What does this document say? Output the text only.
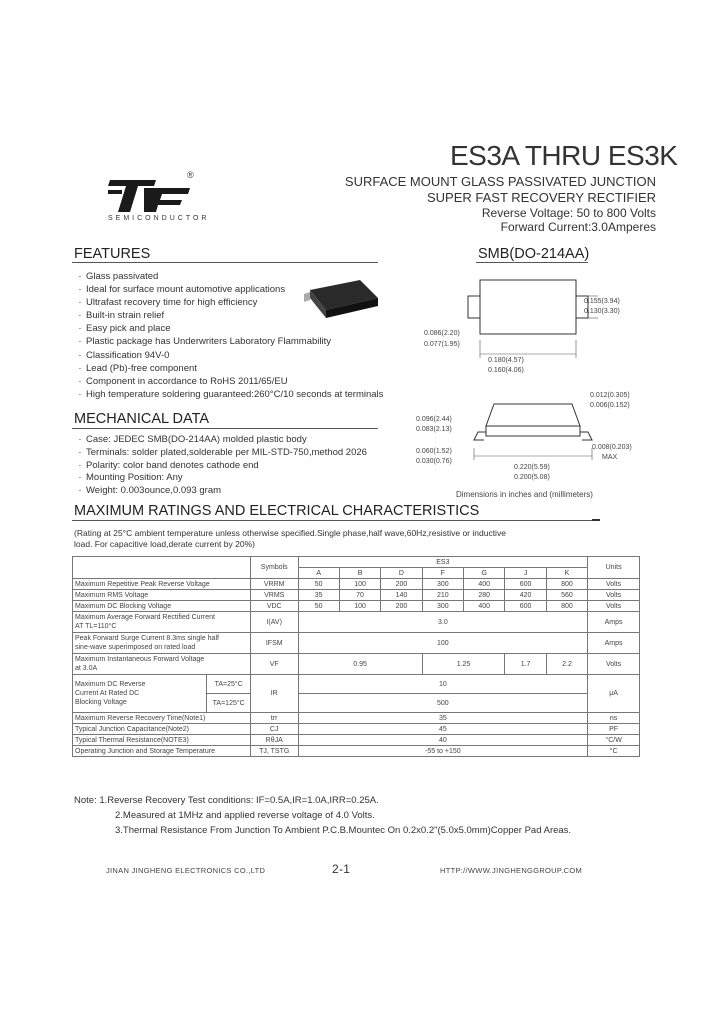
ES3A THRU ES3K
®
SEMICONDUCTOR
SURFACE MOUNT GLASS PASSIVATED JUNCTION
SUPER FAST RECOVERY RECTIFIER
Reverse Voltage: 50 to 800 Volts
Forward Current:3.0Amperes
FEATURES
· Glass passivated
· Ideal for surface mount automotive applications
· Ultrafast recovery time for high efficiency
· Built-in strain relief
· Easy pick and place
· Plastic package has Underwriters Laboratory Flammability
· Classification 94V-0
· Lead (Pb)-free component
· Component in accordance to RoHS 2011/65/EU
· High temperature soldering guaranteed:260°C/10 seconds at terminals
SMB(DO-214AA)
0.155(3.94)
0.130(3.30)
0.086(2.20)
0.077(1.95)
0.180(4.57)
0.160(4.06)
0.012(0.305)
0.006(0.152)
0.096(2.44)
0.083(2.13)
0.060(1.52)
0.030(0.76)
0.220(5.59)
0.200(5.08)
0.008(0.203)
MAX
Dimensions in inches and (millimeters)
MECHANICAL DATA
· Case: JEDEC SMB(DO-214AA) molded plastic body
· Terminals: solder plated,solderable per MIL-STD-750,method 2026
· Polarity: color band denotes cathode end
· Mounting Position: Any
· Weight: 0.003ounce,0.093 gram
MAXIMUM RATINGS AND ELECTRICAL CHARACTERISTICS
(Rating at 25°C ambient temperature unless otherwise specified.Single phase,half wave,60Hz,resistive or inductive
load. For capacitive load,derate current by 20%)
		Symbols	ES3							Units
			A	B	D	F	G	J	K	
Maximum Repetitive Peak Reverse Voltage		VRRM	50	100	200	300	400	600	800	Volts
Maximum RMS Voltage		VRMS	35	70	140	210	280	420	560	Volts
Maximum DC Blocking Voltage		VDC	50	100	200	300	400	600	800	Volts
Maximum Average Forward Rectified Current
AT TL=110°C		I(AV)	3.0							Amps
Peak Forward Surge Current 8.3ms single half
sine-wave superimposed on rated load		IFSM	100							Amps
Maximum Instantaneous Forward Voltage
at 3.0A		VF	0.95			1.25		1.7	2.2	Volts
Maximum DC Reverse
Current At Rated DC
Blocking Voltage	TA=25°C	IR	10							μA
	TA=125°C		500							
Maximum Reverse Recovery Time(Note1)		trr	35							ns
Typical Junction Capacitance(Note2)		CJ	45							PF
Typical Thermal Resistance(NOTE3)		RθJA	40							°C/W
Operating Junction and Storage Temperature		TJ, TSTG	-55 to +150							°C
Note: 1.Reverse Recovery Test conditions: IF=0.5A,IR=1.0A,IRR=0.25A.
2.Measured at 1MHz and applied reverse voltage of 4.0 Volts.
3.Thermal Resistance From Junction To Ambient P.C.B.Mountec On 0.2x0.2"(5.0x5.0mm)Copper Pad Areas.
JINAN JINGHENG ELECTRONICS CO.,LTD	2-1	HTTP://WWW.JINGHENGGROUP.COM
